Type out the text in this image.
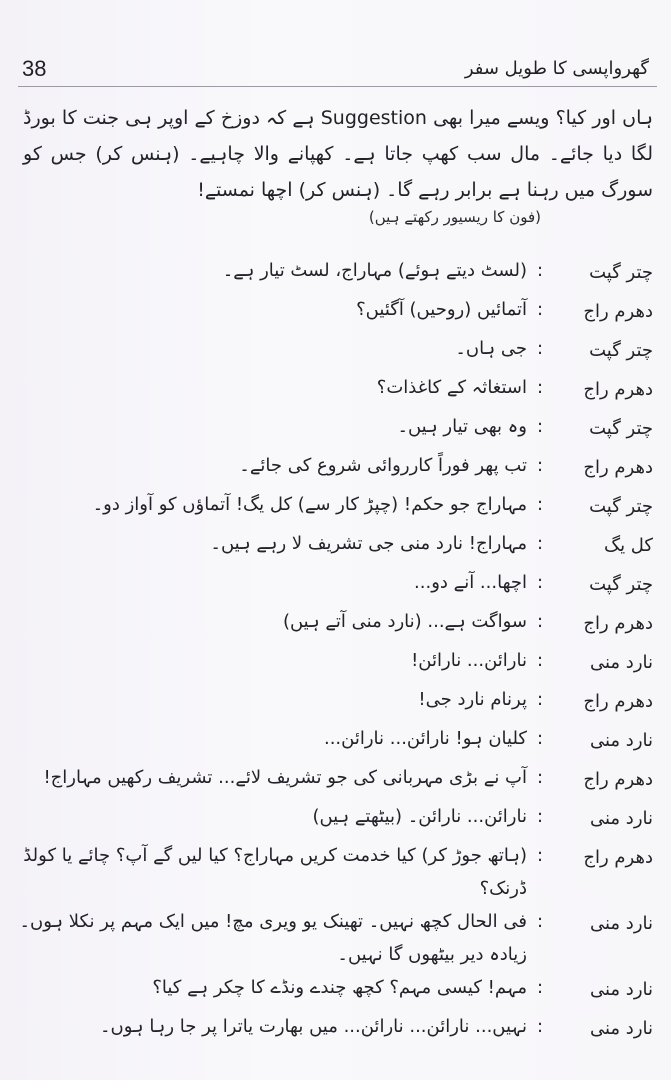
38	گھرواپسی کا طویل سفر

ہاں اور کیا؟ ویسے میرا بھی Suggestion ہے کہ دوزخ کے اوپر ہی جنت کا بورڈ لگا دیا جائے۔ مال سب کھپ جاتا ہے۔ کھپانے والا چاہیے۔ (ہنس کر) جس کو سورگ میں رہنا ہے برابر رہے گا۔ (ہنس کر) اچھا نمستے!

(فون کا ریسیور رکھتے ہیں)
چتر گپت
:
(لسٹ دیتے ہوئے) مہاراج، لسٹ تیار ہے۔
دھرم راج
:
آتمائیں (روحیں) آگئیں؟
چتر گپت
:
جی ہاں۔
دھرم راج
:
استغاثہ کے کاغذات؟
چتر گپت
:
وہ بھی تیار ہیں۔
دھرم راج
:
تب پھر فوراً کارروائی شروع کی جائے۔
چتر گپت
:
مہاراج جو حکم! (چپڑ کار سے) کل یگ! آتماؤں کو آواز دو۔
کل یگ
:
مہاراج! نارد منی جی تشریف لا رہے ہیں۔
چتر گپت
:
اچھا... آنے دو...
دھرم راج
:
سواگت ہے... (نارد منی آتے ہیں)
نارد منی
:
نارائن... نارائن!
دھرم راج
:
پرنام نارد جی!
نارد منی
:
کلیان ہو! نارائن... نارائن...
دھرم راج
:
آپ نے بڑی مہربانی کی جو تشریف لائے... تشریف رکھیں مہاراج!
نارد منی
:
نارائن... نارائن۔ (بیٹھتے ہیں)
دھرم راج
:
(ہاتھ جوڑ کر) کیا خدمت کریں مہاراج؟ کیا لیں گے آپ؟ چائے یا کولڈ ڈرنک؟
نارد منی
:
فی الحال کچھ نہیں۔ تھینک یو ویری مچ! میں ایک مہم پر نکلا ہوں۔ زیادہ دیر بیٹھوں گا نہیں۔
نارد منی
:
مہم! کیسی مہم؟ کچھ چندے ونڈے کا چکر ہے کیا؟
نارد منی
:
نہیں... نارائن... نارائن... میں بھارت یاترا پر جا رہا ہوں۔
